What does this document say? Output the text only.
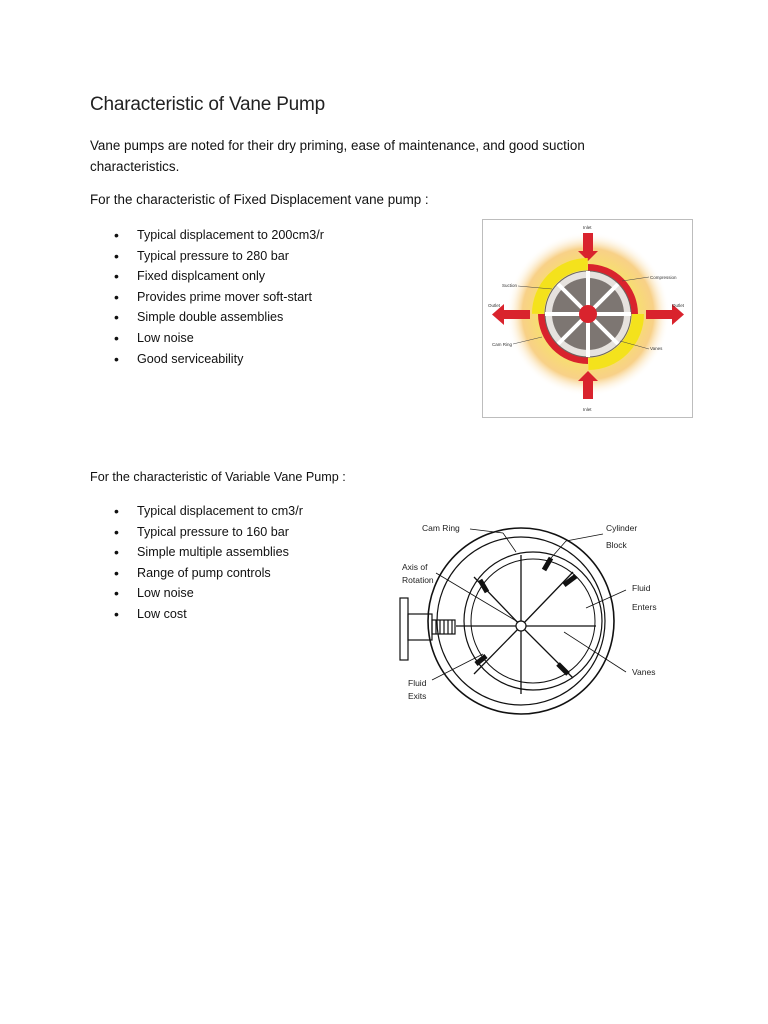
Characteristic of Vane Pump
Vane pumps are noted for their dry priming, ease of maintenance, and good suction characteristics.
For the characteristic of Fixed Displacement vane pump :
• Typical displacement to 200cm3/r
• Typical pressure to 280 bar
• Fixed displcament only
• Provides prime mover soft-start
• Simple double assemblies
• Low noise
• Good serviceability
Inlet
Inlet
Outlet	Outlet
Suction
Compression
Cam Ring
Vanes
For the characteristic of Variable Vane Pump :
• Typical displacement to cm3/r
• Typical pressure to 160 bar
• Simple multiple assemblies
• Range of pump controls
• Low noise
• Low cost
Cam Ring	Cylinder
Block
Axis of
Rotation
Fluid
Enters
Fluid
Exits
Vanes
